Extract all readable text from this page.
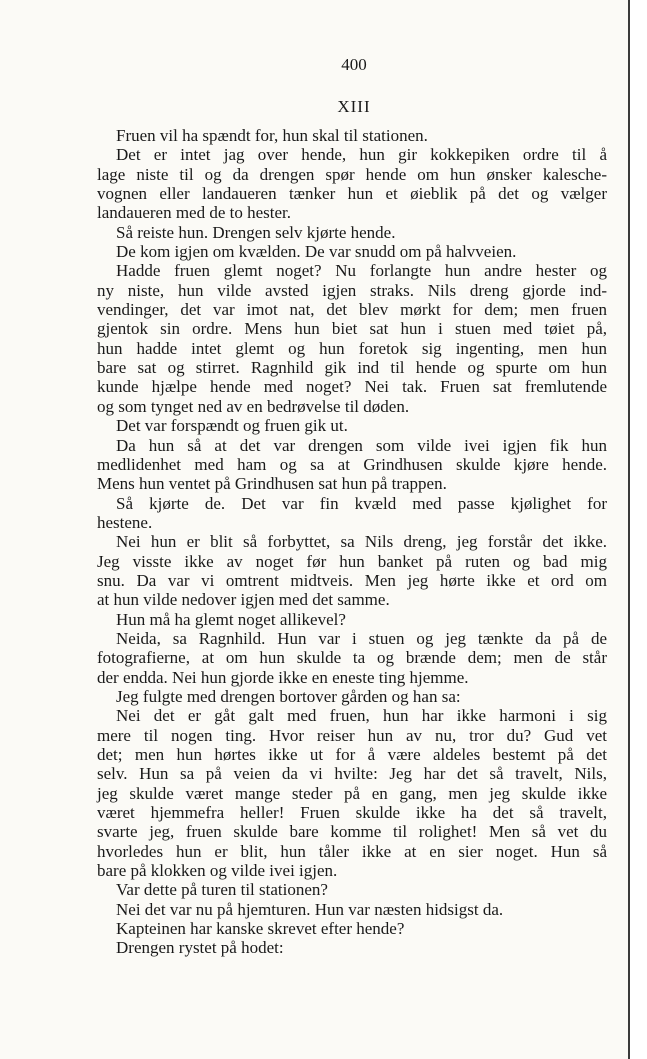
400
XIII
Fruen vil ha spændt for, hun skal til stationen.
Det er intet jag over hende, hun gir kokkepiken ordre til å
lage niste til og da drengen spør hende om hun ønsker kalesche-
vognen eller landaueren tænker hun et øieblik på det og vælger
landaueren med de to hester.
Så reiste hun. Drengen selv kjørte hende.
De kom igjen om kvælden. De var snudd om på halvveien.
Hadde fruen glemt noget? Nu forlangte hun andre hester og
ny niste, hun vilde avsted igjen straks. Nils dreng gjorde ind-
vendinger, det var imot nat, det blev mørkt for dem; men fruen
gjentok sin ordre. Mens hun biet sat hun i stuen med tøiet på,
hun hadde intet glemt og hun foretok sig ingenting, men hun
bare sat og stirret. Ragnhild gik ind til hende og spurte om hun
kunde hjælpe hende med noget? Nei tak. Fruen sat fremlutende
og som tynget ned av en bedrøvelse til døden.
Det var forspændt og fruen gik ut.
Da hun så at det var drengen som vilde ivei igjen fik hun
medlidenhet med ham og sa at Grindhusen skulde kjøre hende.
Mens hun ventet på Grindhusen sat hun på trappen.
Så kjørte de. Det var fin kvæld med passe kjølighet for
hestene.
Nei hun er blit så forbyttet, sa Nils dreng, jeg forstår det ikke.
Jeg visste ikke av noget før hun banket på ruten og bad mig
snu. Da var vi omtrent midtveis. Men jeg hørte ikke et ord om
at hun vilde nedover igjen med det samme.
Hun må ha glemt noget allikevel?
Neida, sa Ragnhild. Hun var i stuen og jeg tænkte da på de
fotografierne, at om hun skulde ta og brænde dem; men de står
der endda. Nei hun gjorde ikke en eneste ting hjemme.
Jeg fulgte med drengen bortover gården og han sa:
Nei det er gåt galt med fruen, hun har ikke harmoni i sig
mere til nogen ting. Hvor reiser hun av nu, tror du? Gud vet
det; men hun hørtes ikke ut for å være aldeles bestemt på det
selv. Hun sa på veien da vi hvilte: Jeg har det så travelt, Nils,
jeg skulde været mange steder på en gang, men jeg skulde ikke
været hjemmefra heller! Fruen skulde ikke ha det så travelt,
svarte jeg, fruen skulde bare komme til rolighet! Men så vet du
hvorledes hun er blit, hun tåler ikke at en sier noget. Hun så
bare på klokken og vilde ivei igjen.
Var dette på turen til stationen?
Nei det var nu på hjemturen. Hun var næsten hidsigst da.
Kapteinen har kanske skrevet efter hende?
Drengen rystet på hodet:
